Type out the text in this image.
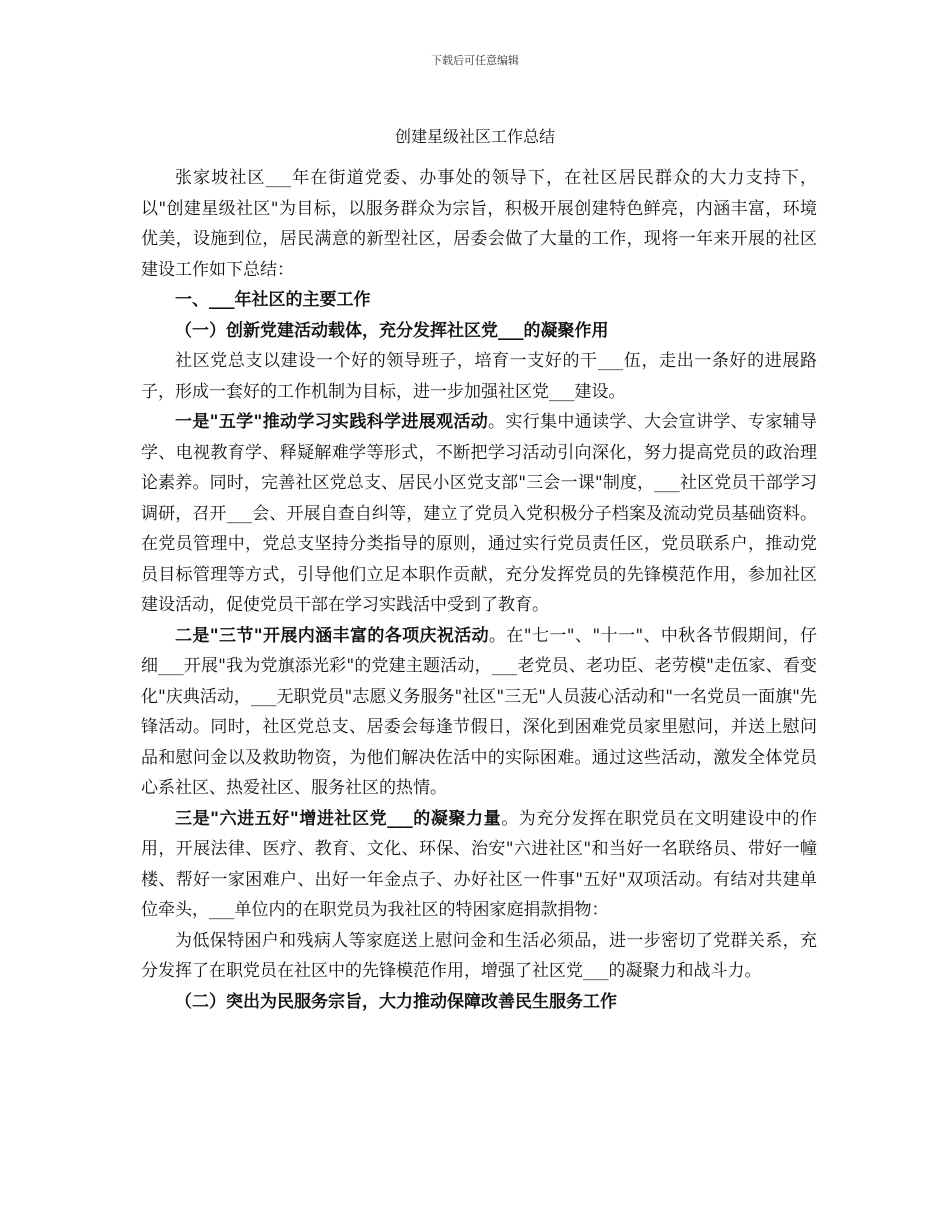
下载后可任意编辑
创建星级社区工作总结

张家坡社区___年在街道党委、办事处的领导下，在社区居民群众的大力支持下，以"创建星级社区"为目标，以服务群众为宗旨，积极开展创建特色鲜亮，内涵丰富，环境优美，设施到位，居民满意的新型社区，居委会做了大量的工作，现将一年来开展的社区建设工作如下总结：

一、___年社区的主要工作

（一）创新党建活动载体，充分发挥社区党___的凝聚作用

社区党总支以建设一个好的领导班子，培育一支好的干___伍，走出一条好的进展路子，形成一套好的工作机制为目标，进一步加强社区党___建设。

一是"五学"推动学习实践科学进展观活动。实行集中通读学、大会宣讲学、专家辅导学、电视教育学、释疑解难学等形式，不断把学习活动引向深化，努力提高党员的政治理论素养。同时，完善社区党总支、居民小区党支部"三会一课"制度，___社区党员干部学习调研，召开___会、开展自查自纠等，建立了党员入党积极分子档案及流动党员基础资料。在党员管理中，党总支坚持分类指导的原则，通过实行党员责任区，党员联系户，推动党员目标管理等方式，引导他们立足本职作贡献，充分发挥党员的先锋模范作用，参加社区建设活动，促使党员干部在学习实践活中受到了教育。

二是"三节"开展内涵丰富的各项庆祝活动。在"七一"、"十一"、中秋各节假期间，仔细___开展"我为党旗添光彩"的党建主题活动，___老党员、老功臣、老劳模"走伍家、看变化"庆典活动，___无职党员"志愿义务服务"社区"三无"人员菠心活动和"一名党员一面旗"先锋活动。同时，社区党总支、居委会每逢节假日，深化到困难党员家里慰问，并送上慰问品和慰问金以及救助物资，为他们解决佐活中的实际困难。通过这些活动，激发全体党员心系社区、热爱社区、服务社区的热情。

三是"六进五好"增进社区党___的凝聚力量。为充分发挥在职党员在文明建设中的作用，开展法律、医疗、教育、文化、环保、治安"六进社区"和当好一名联络员、带好一幢楼、帮好一家困难户、出好一年金点子、办好社区一件事"五好"双项活动。有结对共建单位牵头，___单位内的在职党员为我社区的特困家庭捐款捐物：

为低保特困户和残病人等家庭送上慰问金和生活必须品，进一步密切了党群关系，充分发挥了在职党员在社区中的先锋模范作用，增强了社区党___的凝聚力和战斗力。

（二）突出为民服务宗旨，大力推动保障改善民生服务工作
